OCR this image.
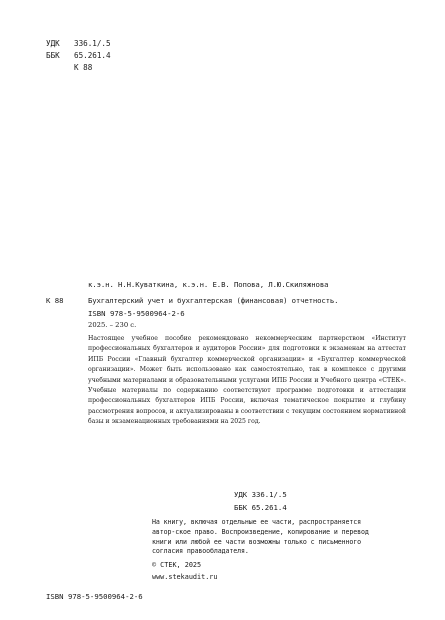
УДК	336.1/.5
ББК	65.261.4
К 88
к.э.н. Н.Н.Куваткина, к.э.н. Е.В. Попова, Л.Ю.Скиляжнова
К 88	Бухгалтерский учет и бухгалтерская (финансовая) отчетность.
ISBN 978-5-9500964-2-6
2025. – 230 с.
Настоящее учебное пособие рекомендовано некоммерческим партнерством «Институт профессиональных бухгалтеров и аудиторов России» для подготовки к экзаменам на аттестат ИПБ России «Главный бухгалтер коммерческой организации» и «Бухгалтер коммерческой организации». Может быть использовано как самостоятельно, так в комплексе с другими учебными материалами и образовательными услугами ИПБ России и Учебного центра «СТЕК». Учебные материалы по содержанию соответствуют программе подготовки и аттестации профессиональных бухгалтеров ИПБ России, включая тематическое покрытие и глубину рассмотрения вопросов, и актуализированы в соответствии с текущим состоянием нормативной базы и экзаменационных требованиями на 2025 год.
УДК 336.1/.5
ББК 65.261.4
На книгу, включая отдельные ее части, распространяется автор-ское право. Воспроизведение, копирование и перевод книги или любой ее части возможны только с письменного согласия правообладателя.
© СТЕК, 2025
www.stekaudit.ru
ISBN 978-5-9500964-2-6
